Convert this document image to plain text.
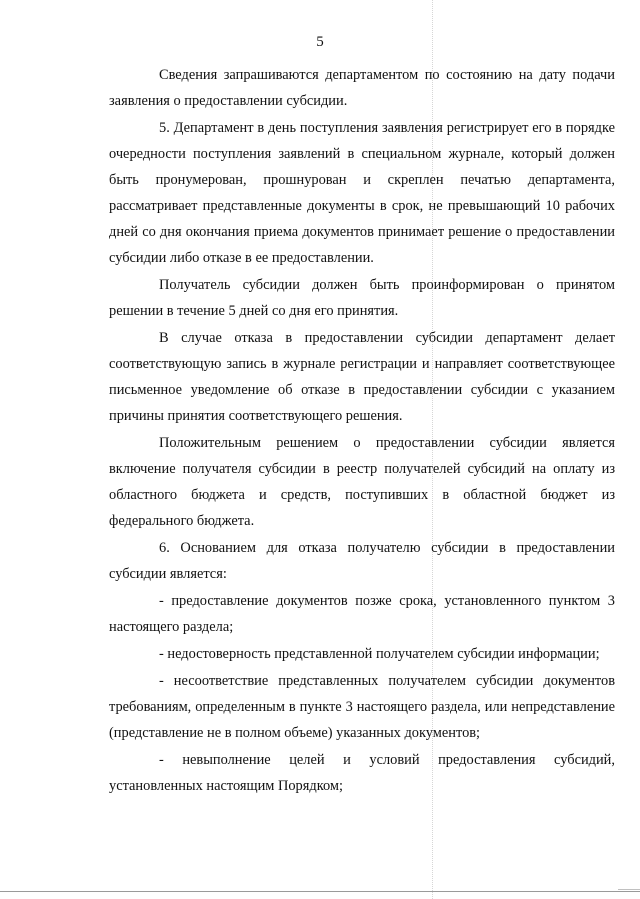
5

Сведения запрашиваются департаментом по состоянию на дату подачи заявления о предоставлении субсидии.

5. Департамент в день поступления заявления регистрирует его в порядке очередности поступления заявлений в специальном журнале, который должен быть пронумерован, прошнурован и скреплен печатью департамента, рассматривает представленные документы в срок, не превышающий 10 рабочих дней со дня окончания приема документов принимает решение о предоставлении субсидии либо отказе в ее предоставлении.

Получатель субсидии должен быть проинформирован о принятом решении в течение 5 дней со дня его принятия.

В случае отказа в предоставлении субсидии департамент делает соответствующую запись в журнале регистрации и направляет соответствующее письменное уведомление об отказе в предоставлении субсидии с указанием причины принятия соответствующего решения.

Положительным решением о предоставлении субсидии является включение получателя субсидии в реестр получателей субсидий на оплату из областного бюджета и средств, поступивших в областной бюджет из федерального бюджета.

6. Основанием для отказа получателю субсидии в предоставлении субсидии является:

- предоставление документов позже срока, установленного пунктом 3 настоящего раздела;

- недостоверность представленной получателем субсидии информации;

- несоответствие представленных получателем субсидии документов требованиям, определенным в пункте 3 настоящего раздела, или непредставление (представление не в полном объеме) указанных документов;

- невыполнение целей и условий предоставления субсидий, установленных настоящим Порядком;
